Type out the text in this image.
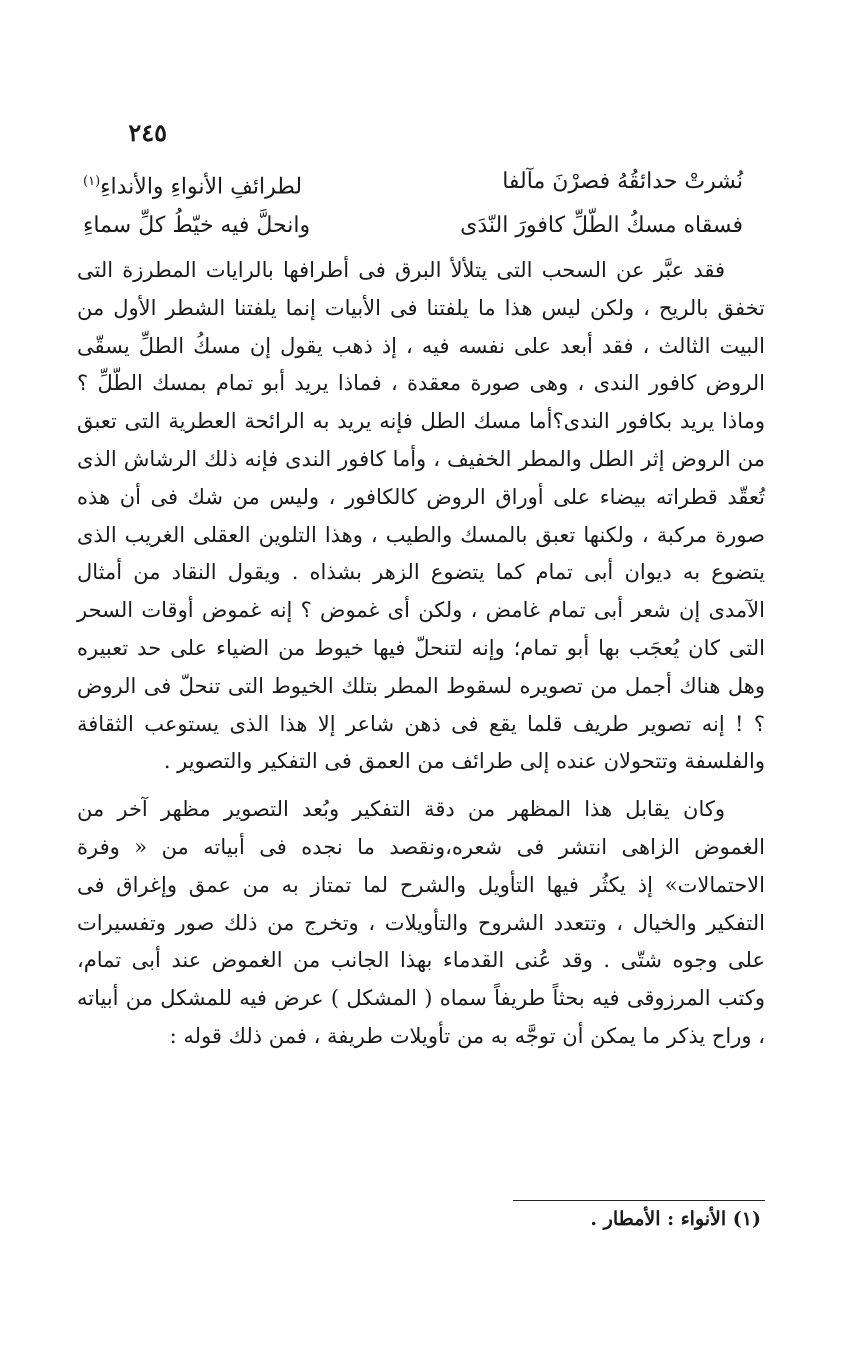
٢٤٥
نُشرتْ حدائقُهُ فصرْنَ مآلفا
لطرائفِ الأنواءِ والأنداءِ$^{(١)}$
فسقاه مسكُ الطّلِّ كافورَ النّدَى
وانحلَّ فيه خيّطُ كلِّ سماءِ

فقد عبَّر عن السحب التى يتلألأ البرق فى أطرافها بالرايات المطرزة التى تخفق بالريح ، ولكن ليس هذا ما يلفتنا فى الأبيات إنما يلفتنا الشطر الأول من البيت الثالث ، فقد أبعد على نفسه فيه ، إذ ذهب يقول إن مسكُ الطلِّ يسقّى الروض كافور الندى ، وهى صورة معقدة ، فماذا يريد أبو تمام بمسك الطّلِّ ؟ وماذا يريد بكافور الندى؟أما مسك الطل فإنه يريد به الرائحة العطرية التى تعبق من الروض إثر الطل والمطر الخفيف ، وأما كافور الندى فإنه ذلك الرشاش الذى تُعقّد قطراته بيضاء على أوراق الروض كالكافور ، وليس من شك فى أن هذه صورة مركبة ، ولكنها تعبق بالمسك والطيب ، وهذا التلوين العقلى الغريب الذى يتضوع به ديوان أبى تمام كما يتضوع الزهر بشذاه . ويقول النقاد من أمثال الآمدى إن شعر أبى تمام غامض ، ولكن أى غموض ؟ إنه غموض أوقات السحر التى كان يُعجَب بها أبو تمام؛ وإنه لتنحلّ فيها خيوط من الضياء على حد تعبيره وهل هناك أجمل من تصويره لسقوط المطر بتلك الخيوط التى تنحلّ فى الروض ؟ ! إنه تصوير طريف قلما يقع فى ذهن شاعر إلا هذا الذى يستوعب الثقافة والفلسفة وتتحولان عنده إلى طرائف من العمق فى التفكير والتصوير .

وكان يقابل هذا المظهر من دقة التفكير وبُعد التصوير مظهر آخر من الغموض الزاهى انتشر فى شعره،ونقصد ما نجده فى أبياته من « وفرة الاحتمالات» إذ يكثُر فيها التأويل والشرح لما تمتاز به من عمق وإغراق فى التفكير والخيال ، وتتعدد الشروح والتأويلات ، وتخرج من ذلك صور وتفسيرات على وجوه شتّى . وقد عُنى القدماء بهذا الجانب من الغموض عند أبى تمام، وكتب المرزوقى فيه بحثاً طريفاً سماه ( المشكل ) عرض فيه للمشكل من أبياته ، وراح يذكر ما يمكن أن توجَّه به من تأويلات طريفة ، فمن ذلك قوله :

(١) الأنواء : الأمطار .
